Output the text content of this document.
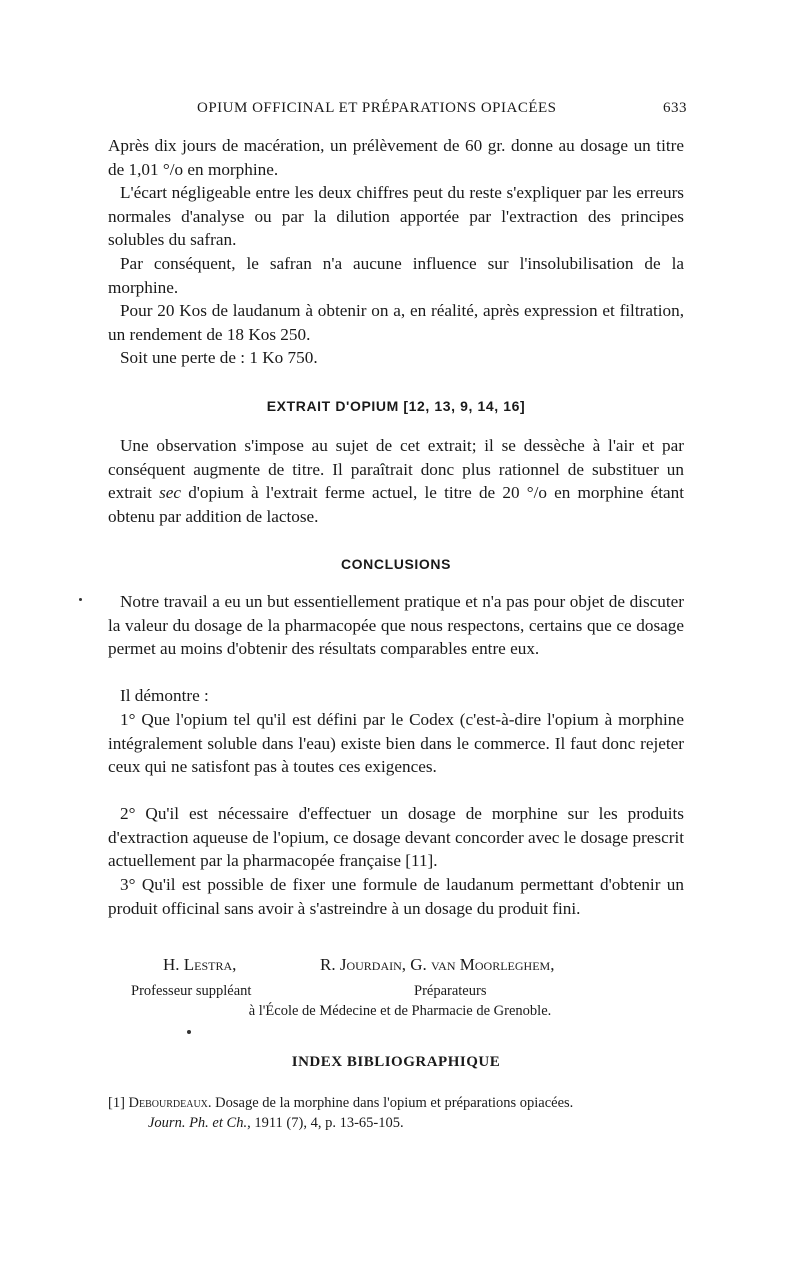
OPIUM OFFICINAL ET PRÉPARATIONS OPIACÉES	633

Après dix jours de macération, un prélèvement de 60 gr. donne au dosage un titre de 1,01 °/o en morphine.

L'écart négligeable entre les deux chiffres peut du reste s'expliquer par les erreurs normales d'analyse ou par la dilution apportée par l'extraction des principes solubles du safran.

Par conséquent, le safran n'a aucune influence sur l'insolubilisation de la morphine.

Pour 20 Kos de laudanum à obtenir on a, en réalité, après expression et filtration, un rendement de 18 Kos 250.

Soit une perte de : 1 Ko 750.

EXTRAIT D'OPIUM [12, 13, 9, 14, 16]

Une observation s'impose au sujet de cet extrait; il se dessèche à l'air et par conséquent augmente de titre. Il paraîtrait donc plus rationnel de substituer un extrait sec d'opium à l'extrait ferme actuel, le titre de 20 °/o en morphine étant obtenu par addition de lactose.

CONCLUSIONS

Notre travail a eu un but essentiellement pratique et n'a pas pour objet de discuter la valeur du dosage de la pharmacopée que nous respectons, certains que ce dosage permet au moins d'obtenir des résultats comparables entre eux.

Il démontre :

1° Que l'opium tel qu'il est défini par le Codex (c'est-à-dire l'opium à morphine intégralement soluble dans l'eau) existe bien dans le commerce. Il faut donc rejeter ceux qui ne satisfont pas à toutes ces exigences.

2° Qu'il est nécessaire d'effectuer un dosage de morphine sur les produits d'extraction aqueuse de l'opium, ce dosage devant concorder avec le dosage prescrit actuellement par la pharmacopée française [11].

3° Qu'il est possible de fixer une formule de laudanum permettant d'obtenir un produit officinal sans avoir à s'astreindre à un dosage du produit fini.

H. Lestra,	R. Jourdain, G. van Moorleghem,
Professeur suppléant	Préparateurs
à l'École de Médecine et de Pharmacie de Grenoble.
INDEX BIBLIOGRAPHIQUE

[1] Debourdeaux. Dosage de la morphine dans l'opium et préparations opiacées.
Journ. Ph. et Ch., 1911 (7), 4, p. 13-65-105.
